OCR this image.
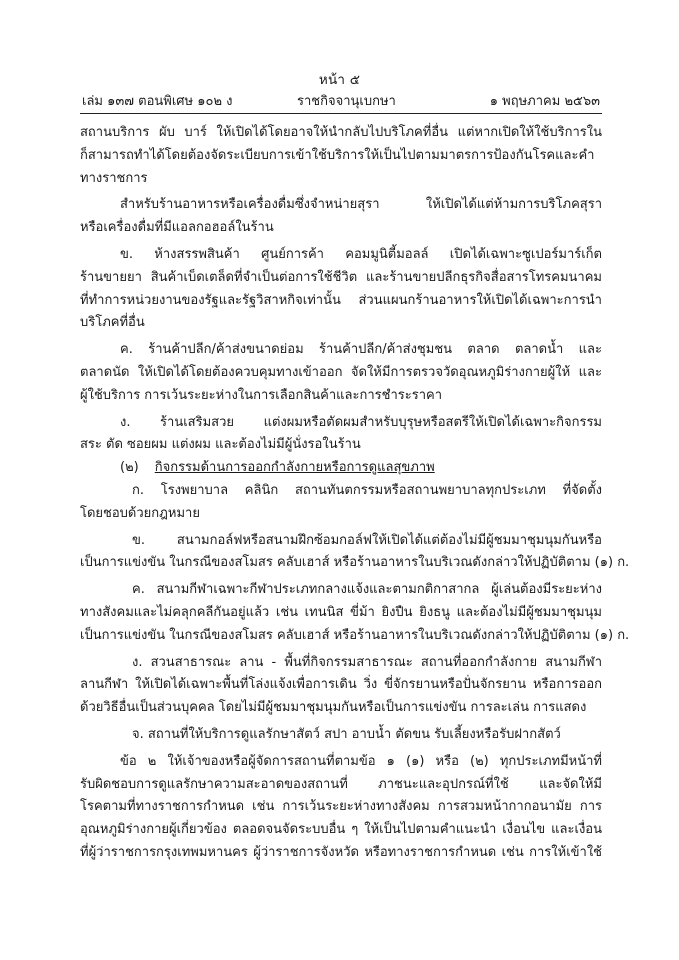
หน้า ๕
เล่ม ๑๓๗ ตอนพิเศษ ๑๐๒ ง	ราชกิจจานุเบกษา	๑ พฤษภาคม ๒๕๖๓
สถานบริการ ผับ บาร์ ให้เปิดได้โดยอาจให้นำกลับไปบริโภคที่อื่น แต่หากเปิดให้ใช้บริการใน
ก็สามารถทำได้โดยต้องจัดระเบียบการเข้าใช้บริการให้เป็นไปตามมาตรการป้องกันโรคและคำ
ทางราชการ
สำหรับร้านอาหารหรือเครื่องดื่มซึ่งจำหน่ายสุรา ให้เปิดได้แต่ห้ามการบริโภคสุรา
หรือเครื่องดื่มที่มีแอลกอฮอล์ในร้าน
ข. ห้างสรรพสินค้า ศูนย์การค้า คอมมูนิตี้มอลล์ เปิดได้เฉพาะซูเปอร์มาร์เก็ต
ร้านขายยา สินค้าเบ็ดเตล็ดที่จำเป็นต่อการใช้ชีวิต และร้านขายปลีกธุรกิจสื่อสารโทรคมนาคม
ที่ทำการหน่วยงานของรัฐและรัฐวิสาหกิจเท่านั้น ส่วนแผนกร้านอาหารให้เปิดได้เฉพาะการนำ
บริโภคที่อื่น
ค. ร้านค้าปลีก/ค้าส่งขนาดย่อม ร้านค้าปลีก/ค้าส่งชุมชน ตลาด ตลาดน้ำ และ
ตลาดนัด ให้เปิดได้โดยต้องควบคุมทางเข้าออก จัดให้มีการตรวจวัดอุณหภูมิร่างกายผู้ให้ และ
ผู้ใช้บริการ การเว้นระยะห่างในการเลือกสินค้าและการชำระราคา
ง. ร้านเสริมสวย แต่งผมหรือตัดผมสำหรับบุรุษหรือสตรีให้เปิดได้เฉพาะกิจกรรม
สระ ตัด ซอยผม แต่งผม และต้องไม่มีผู้นั่งรอในร้าน
(๒) กิจกรรมด้านการออกกำลังกายหรือการดูแลสุขภาพ
ก. โรงพยาบาล คลินิก สถานทันตกรรมหรือสถานพยาบาลทุกประเภท ที่จัดตั้ง
โดยชอบด้วยกฎหมาย
ข. สนามกอล์ฟหรือสนามฝึกซ้อมกอล์ฟให้เปิดได้แต่ต้องไม่มีผู้ชมมาชุมนุมกันหรือ
เป็นการแข่งขัน ในกรณีของสโมสร คลับเฮาส์ หรือร้านอาหารในบริเวณดังกล่าวให้ปฏิบัติตาม (๑) ก.
ค. สนามกีฬาเฉพาะกีฬาประเภทกลางแจ้งและตามกติกาสากล ผู้เล่นต้องมีระยะห่าง
ทางสังคมและไม่คลุกคลีกันอยู่แล้ว เช่น เทนนิส ขี่ม้า ยิงปืน ยิงธนู และต้องไม่มีผู้ชมมาชุมนุม
เป็นการแข่งขัน ในกรณีของสโมสร คลับเฮาส์ หรือร้านอาหารในบริเวณดังกล่าวให้ปฏิบัติตาม (๑) ก.
ง. สวนสาธารณะ ลาน - พื้นที่กิจกรรมสาธารณะ สถานที่ออกกำลังกาย สนามกีฬา
ลานกีฬา ให้เปิดได้เฉพาะพื้นที่โล่งแจ้งเพื่อการเดิน วิ่ง ขี่จักรยานหรือปั่นจักรยาน หรือการออก
ด้วยวิธีอื่นเป็นส่วนบุคคล โดยไม่มีผู้ชมมาชุมนุมกันหรือเป็นการแข่งขัน การละเล่น การแสดง
จ. สถานที่ให้บริการดูแลรักษาสัตว์ สปา อาบน้ำ ตัดขน รับเลี้ยงหรือรับฝากสัตว์
ข้อ ๒ ให้เจ้าของหรือผู้จัดการสถานที่ตามข้อ ๑ (๑) หรือ (๒) ทุกประเภทมีหน้าที่
รับผิดชอบการดูแลรักษาความสะอาดของสถานที่ ภาชนะและอุปกรณ์ที่ใช้ และจัดให้มี
โรคตามที่ทางราชการกำหนด เช่น การเว้นระยะห่างทางสังคม การสวมหน้ากากอนามัย การ
อุณหภูมิร่างกายผู้เกี่ยวข้อง ตลอดจนจัดระบบอื่น ๆ ให้เป็นไปตามคำแนะนำ เงื่อนไข และเงื่อน
ที่ผู้ว่าราชการกรุงเทพมหานคร ผู้ว่าราชการจังหวัด หรือทางราชการกำหนด เช่น การให้เข้าใช้
